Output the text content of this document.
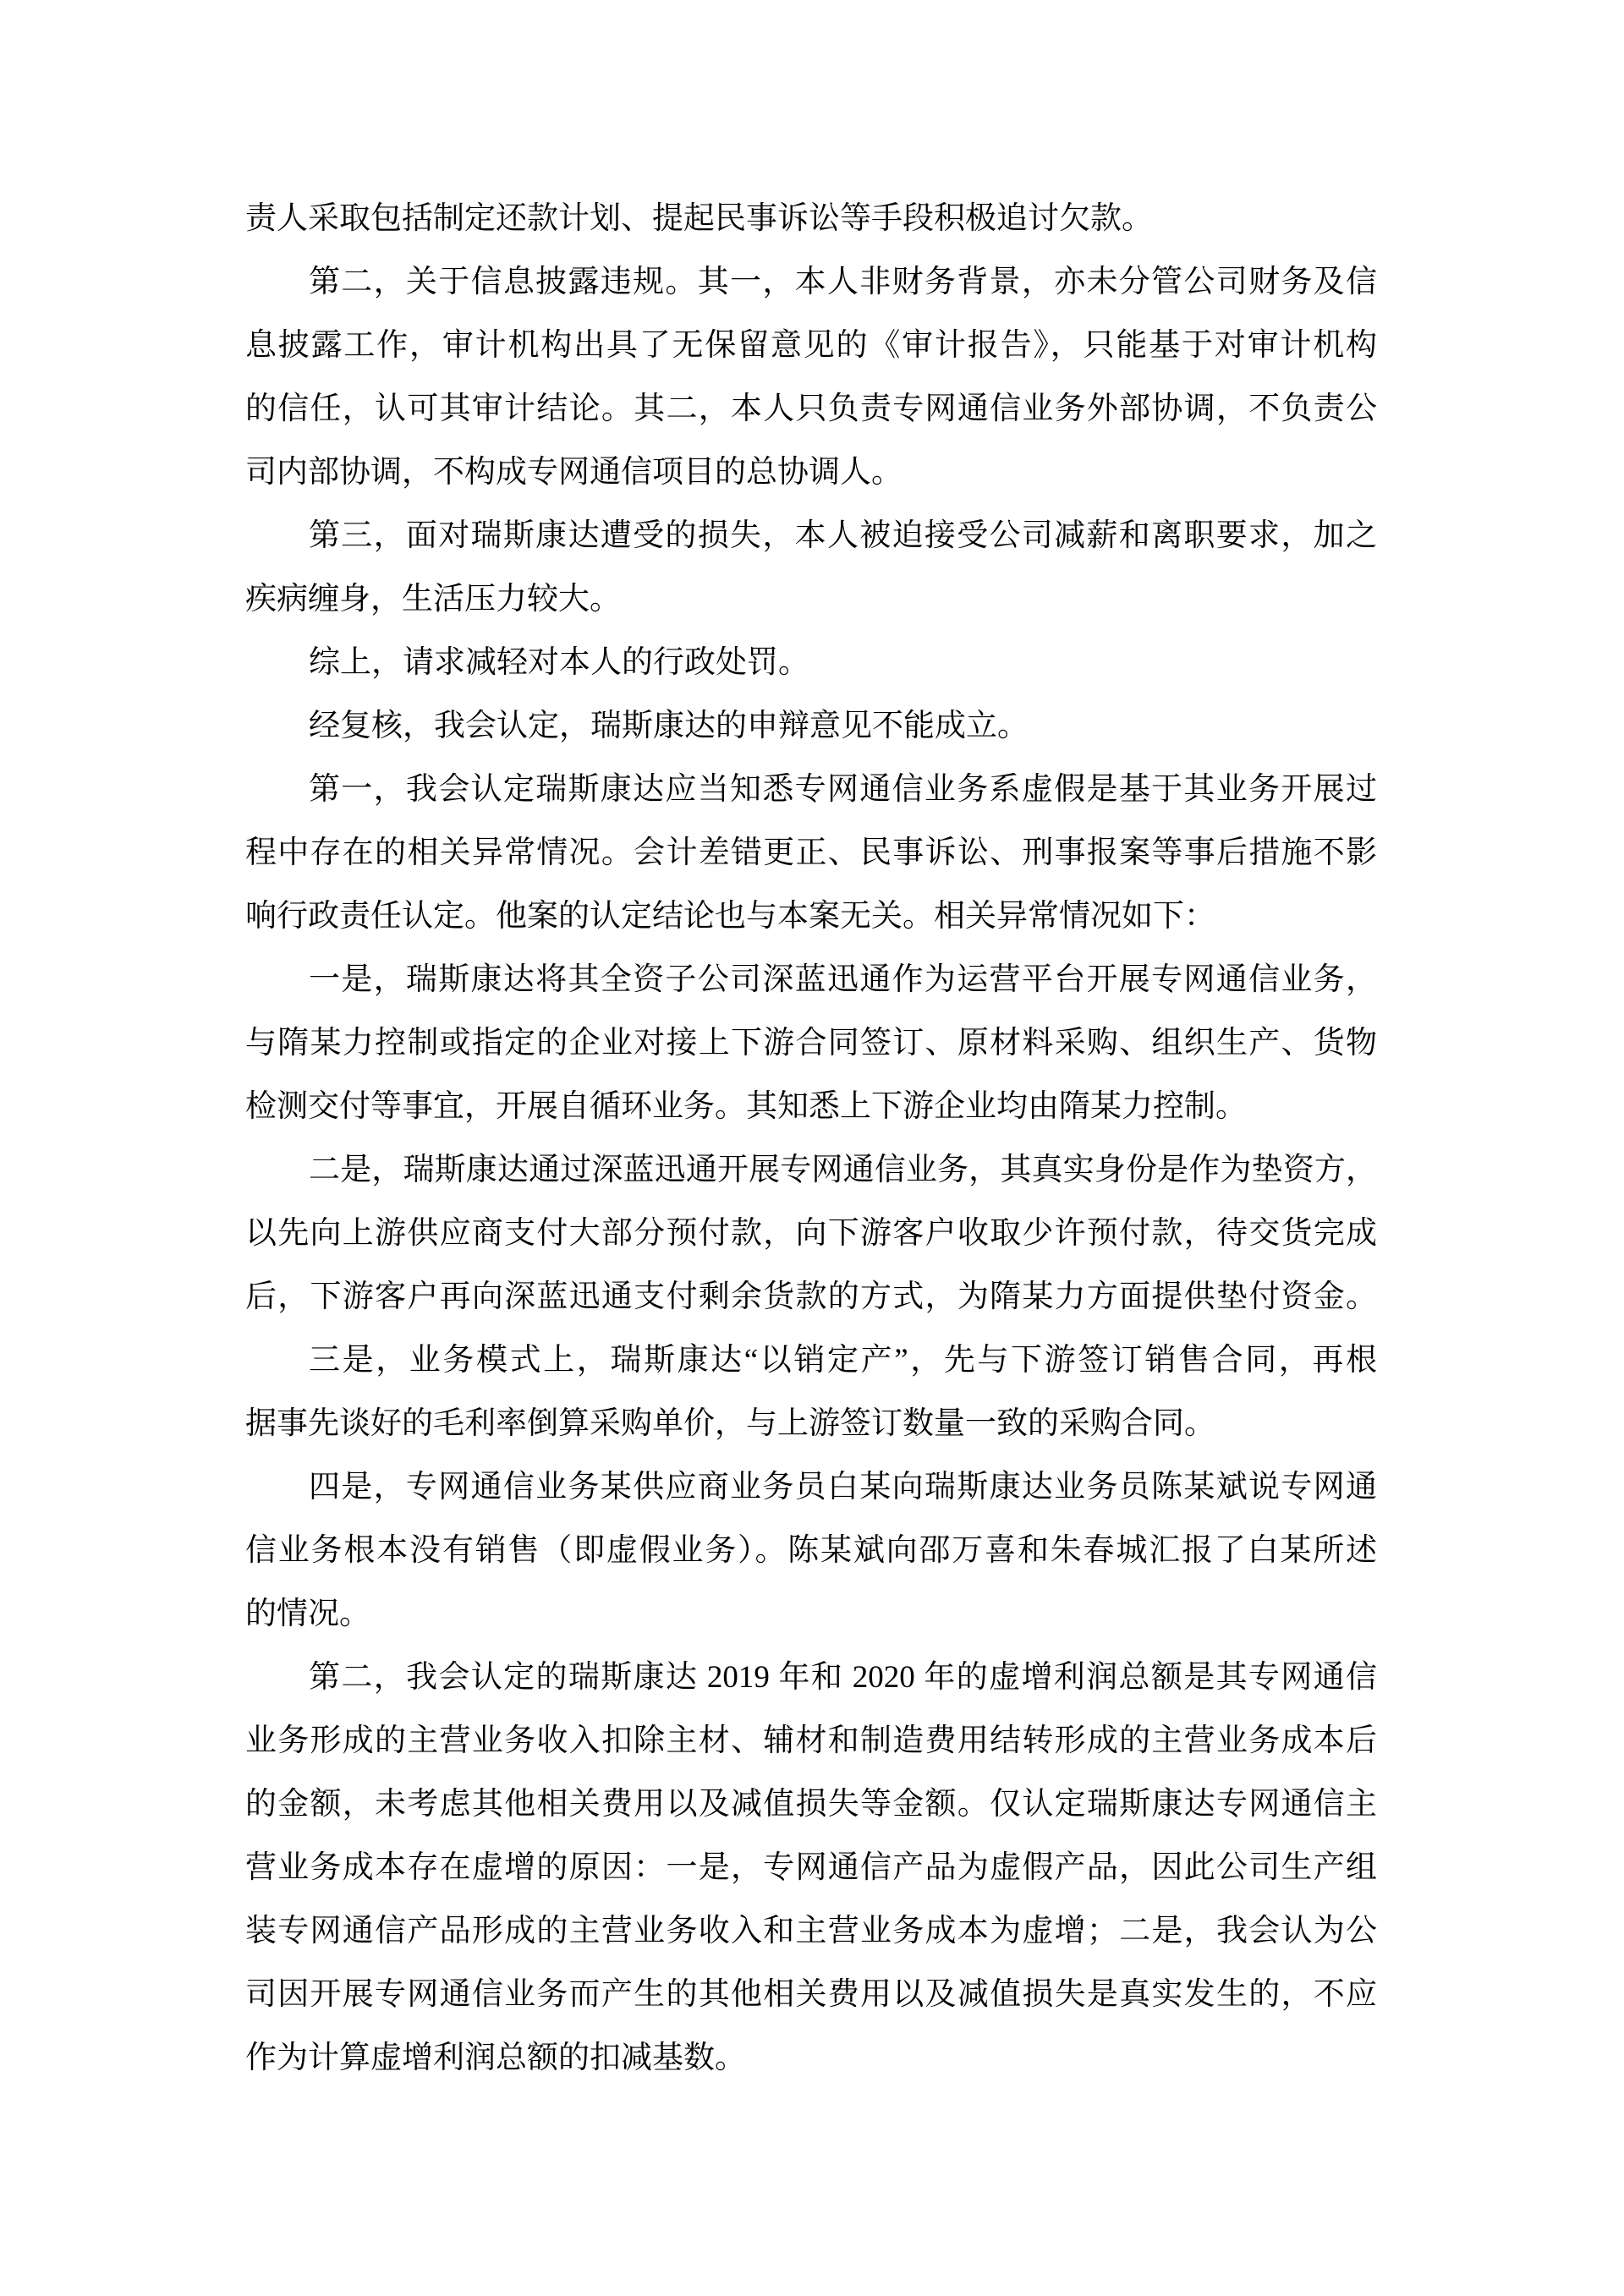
责人采取包括制定还款计划、提起民事诉讼等手段积极追讨欠款。
第二，关于信息披露违规。其一，本人非财务背景，亦未分管公司财务及信
息披露工作，审计机构出具了无保留意见的《审计报告》，只能基于对审计机构
的信任，认可其审计结论。其二，本人只负责专网通信业务外部协调，不负责公
司内部协调，不构成专网通信项目的总协调人。
第三，面对瑞斯康达遭受的损失，本人被迫接受公司减薪和离职要求，加之
疾病缠身，生活压力较大。
综上，请求减轻对本人的行政处罚。
经复核，我会认定，瑞斯康达的申辩意见不能成立。
第一，我会认定瑞斯康达应当知悉专网通信业务系虚假是基于其业务开展过
程中存在的相关异常情况。会计差错更正、民事诉讼、刑事报案等事后措施不影
响行政责任认定。他案的认定结论也与本案无关。相关异常情况如下：
一是，瑞斯康达将其全资子公司深蓝迅通作为运营平台开展专网通信业务，
与隋某力控制或指定的企业对接上下游合同签订、原材料采购、组织生产、货物
检测交付等事宜，开展自循环业务。其知悉上下游企业均由隋某力控制。
二是，瑞斯康达通过深蓝迅通开展专网通信业务，其真实身份是作为垫资方，
以先向上游供应商支付大部分预付款，向下游客户收取少许预付款，待交货完成
后，下游客户再向深蓝迅通支付剩余货款的方式，为隋某力方面提供垫付资金。
三是，业务模式上，瑞斯康达“以销定产”，先与下游签订销售合同，再根
据事先谈好的毛利率倒算采购单价，与上游签订数量一致的采购合同。
四是，专网通信业务某供应商业务员白某向瑞斯康达业务员陈某斌说专网通
信业务根本没有销售（即虚假业务）。陈某斌向邵万喜和朱春城汇报了白某所述
的情况。
第二，我会认定的瑞斯康达 2019 年和 2020 年的虚增利润总额是其专网通信
业务形成的主营业务收入扣除主材、辅材和制造费用结转形成的主营业务成本后
的金额，未考虑其他相关费用以及减值损失等金额。仅认定瑞斯康达专网通信主
营业务成本存在虚增的原因：一是，专网通信产品为虚假产品，因此公司生产组
装专网通信产品形成的主营业务收入和主营业务成本为虚增；二是，我会认为公
司因开展专网通信业务而产生的其他相关费用以及减值损失是真实发生的，不应
作为计算虚增利润总额的扣减基数。
